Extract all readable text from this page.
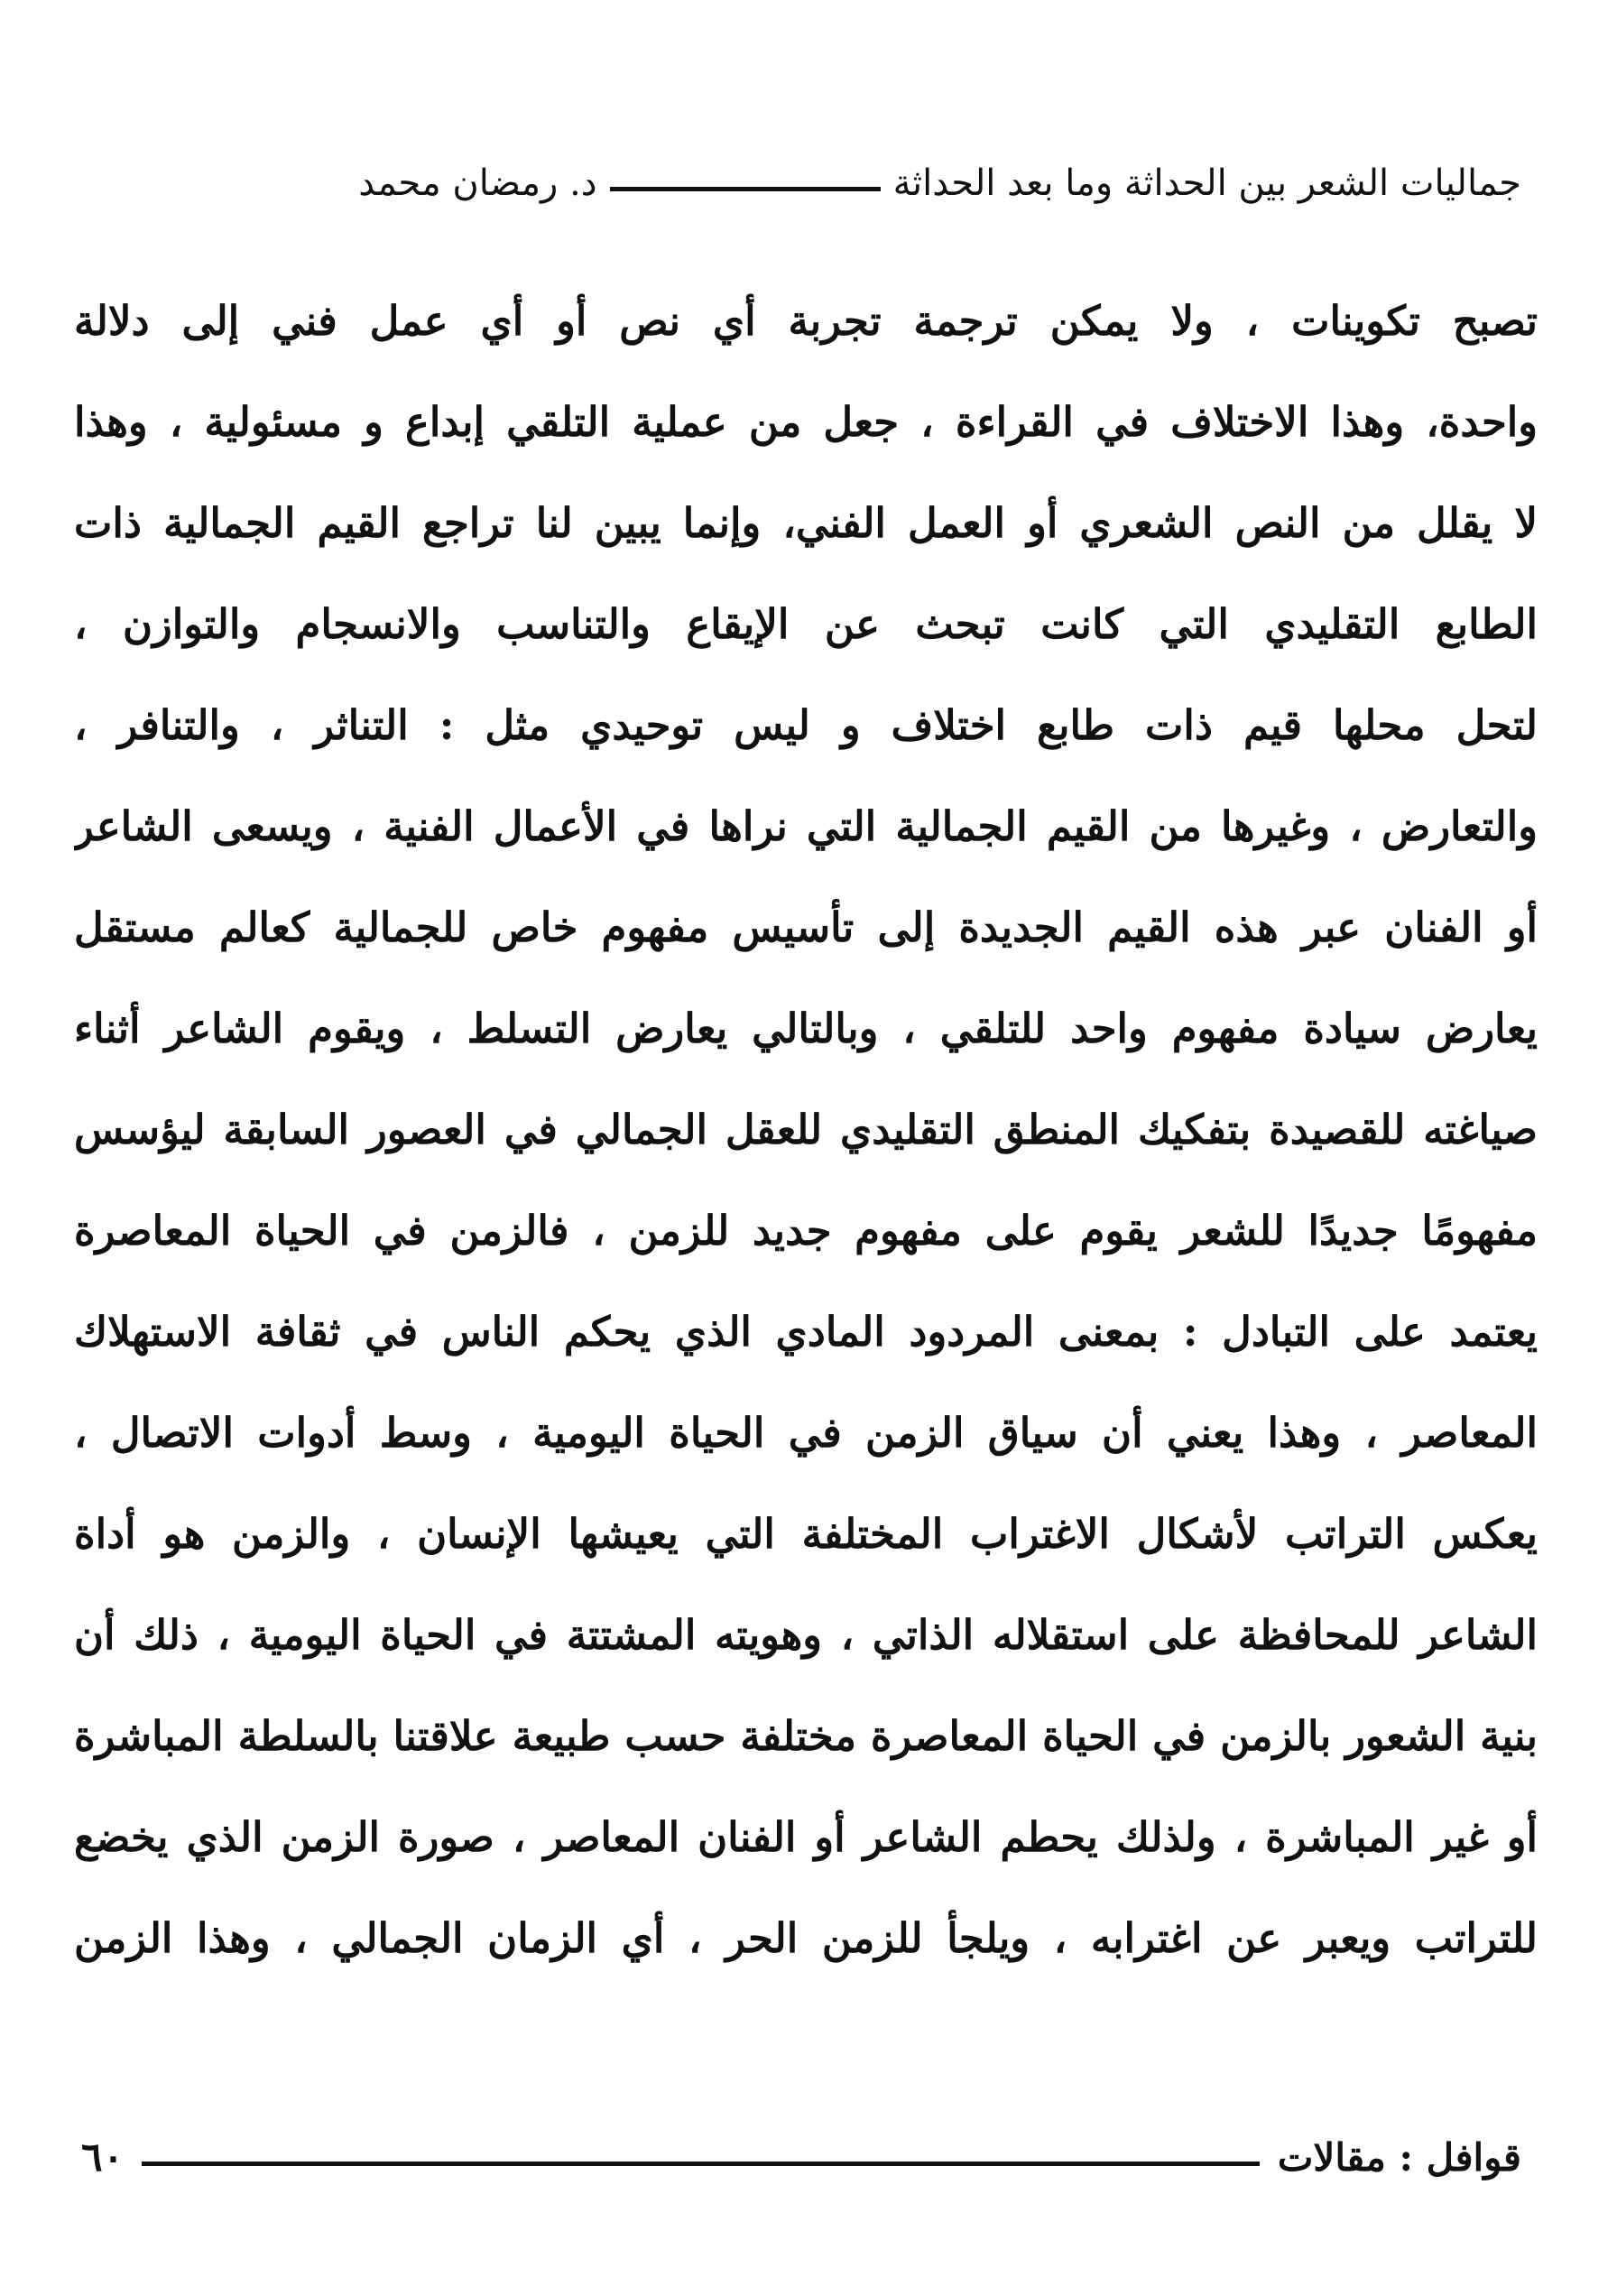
جماليات الشعر بين الحداثة وما بعد الحداثة
د. رمضان محمد
تصبح تكوينات ، ولا يمكن ترجمة تجربة أي نص أو أي عمل فني إلى دلالة
واحدة، وهذا الاختلاف في القراءة ، جعل من عملية التلقي إبداع و مسئولية ، وهذا
لا يقلل من النص الشعري أو العمل الفني، وإنما يبين لنا تراجع القيم الجمالية ذات
الطابع التقليدي التي كانت تبحث عن الإيقاع والتناسب والانسجام والتوازن ،
لتحل محلها قيم ذات طابع اختلاف و ليس توحيدي مثل : التناثر ، والتنافر ،
والتعارض ، وغيرها من القيم الجمالية التي نراها في الأعمال الفنية ، ويسعى الشاعر
أو الفنان عبر هذه القيم الجديدة إلى تأسيس مفهوم خاص للجمالية كعالم مستقل
يعارض سيادة مفهوم واحد للتلقي ، وبالتالي يعارض التسلط ، ويقوم الشاعر أثناء
صياغته للقصيدة بتفكيك المنطق التقليدي للعقل الجمالي في العصور السابقة ليؤسس
مفهومًا جديدًا للشعر يقوم على مفهوم جديد للزمن ، فالزمن في الحياة المعاصرة
يعتمد على التبادل : بمعنى المردود المادي الذي يحكم الناس في ثقافة الاستهلاك
المعاصر ، وهذا يعني أن سياق الزمن في الحياة اليومية ، وسط أدوات الاتصال ،
يعكس التراتب لأشكال الاغتراب المختلفة التي يعيشها الإنسان ، والزمن هو أداة
الشاعر للمحافظة على استقلاله الذاتي ، وهويته المشتتة في الحياة اليومية ، ذلك أن
بنية الشعور بالزمن في الحياة المعاصرة مختلفة حسب طبيعة علاقتنا بالسلطة المباشرة
أو غير المباشرة ، ولذلك يحطم الشاعر أو الفنان المعاصر ، صورة الزمن الذي يخضع
للتراتب ويعبر عن اغترابه ، ويلجأ للزمن الحر ، أي الزمان الجمالي ، وهذا الزمن
قوافل : مقالات
٦٠
